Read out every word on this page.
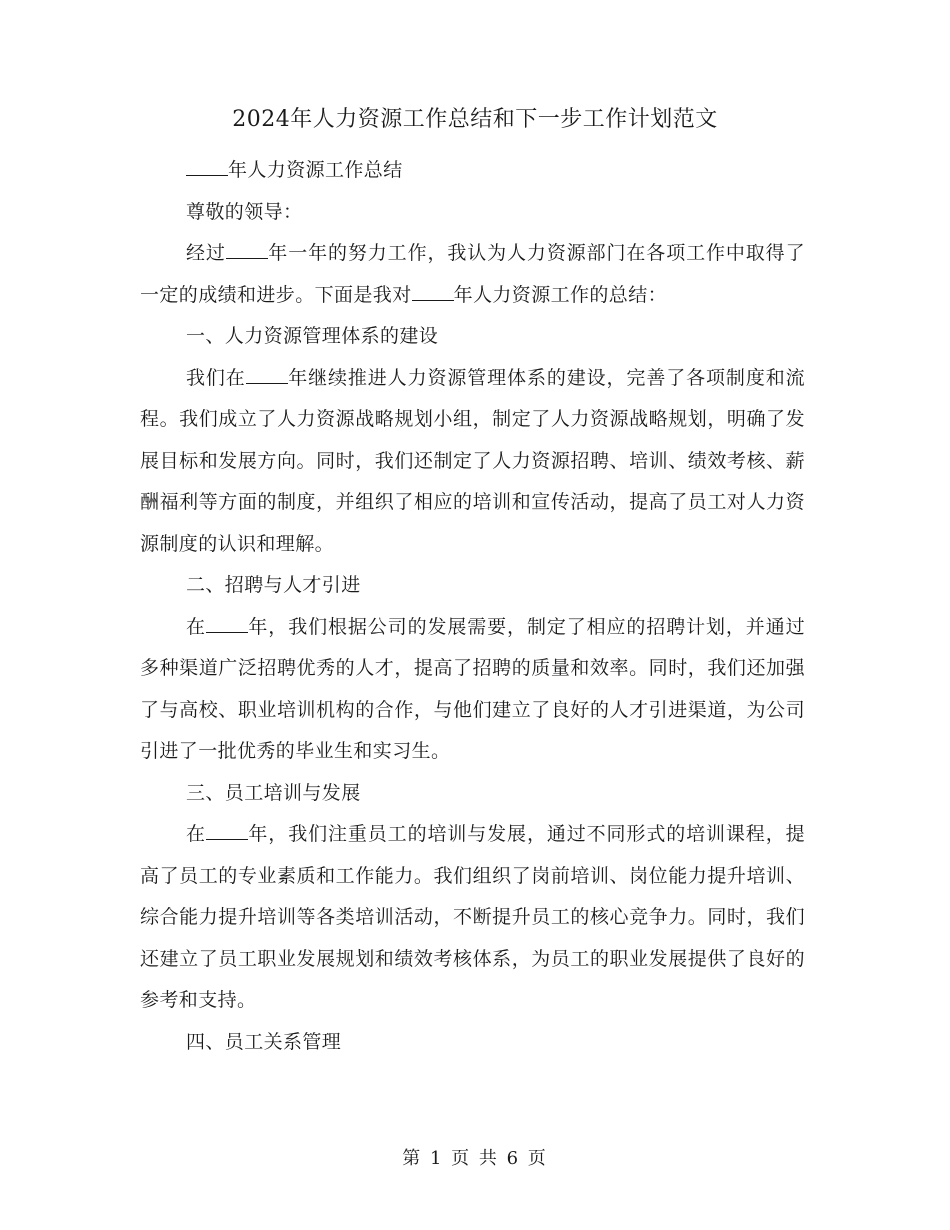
2024年人力资源工作总结和下一步工作计划范文

年人力资源工作总结

尊敬的领导：

经过 年一年的努力工作，我认为人力资源部门在各项工作中取得了一定的成绩和进步。下面是我对 年人力资源工作的总结：

一、人力资源管理体系的建设

我们在 年继续推进人力资源管理体系的建设，完善了各项制度和流程。我们成立了人力资源战略规划小组，制定了人力资源战略规划，明确了发展目标和发展方向。同时，我们还制定了人力资源招聘、培训、绩效考核、薪酬福利等方面的制度，并组织了相应的培训和宣传活动，提高了员工对人力资源制度的认识和理解。

二、招聘与人才引进

在 年，我们根据公司的发展需要，制定了相应的招聘计划，并通过多种渠道广泛招聘优秀的人才，提高了招聘的质量和效率。同时，我们还加强了与高校、职业培训机构的合作，与他们建立了良好的人才引进渠道，为公司引进了一批优秀的毕业生和实习生。

三、员工培训与发展

在 年，我们注重员工的培训与发展，通过不同形式的培训课程，提高了员工的专业素质和工作能力。我们组织了岗前培训、岗位能力提升培训、综合能力提升培训等各类培训活动，不断提升员工的核心竞争力。同时，我们还建立了员工职业发展规划和绩效考核体系，为员工的职业发展提供了良好的参考和支持。

四、员工关系管理

第 1 页 共 6 页
